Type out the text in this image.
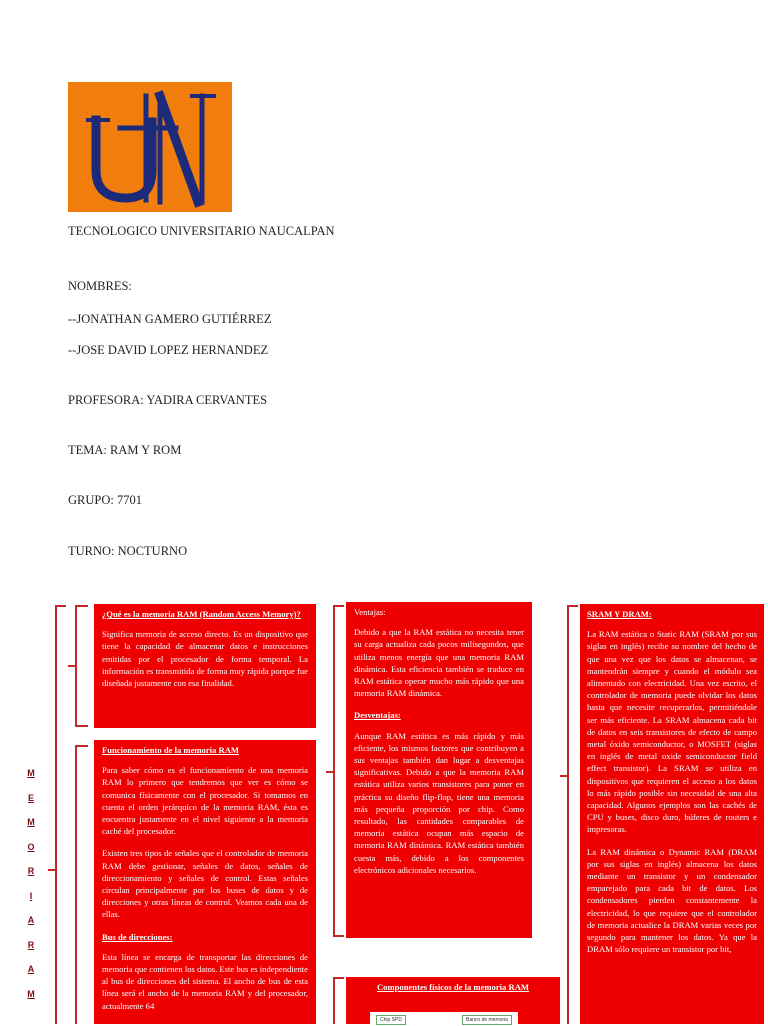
TECNOLOGICO UNIVERSITARIO NAUCALPAN
NOMBRES:
--JONATHAN GAMERO GUTIÉRREZ
--JOSE DAVID LOPEZ HERNANDEZ
PROFESORA: YADIRA CERVANTES
TEMA: RAM Y ROM
GRUPO: 7701
TURNO: NOCTURNO
M
E
M
O
R
I
A
R
A
M

¿Qué es la memoria RAM (Random Access Memory)?

Significa memoria de acceso directo. Es un dispositivo que tiene la capacidad de almacenar datos e instrucciones emitidas por el procesador de forma temporal. La información es transmitida de forma muy rápida porque fue diseñada justamente con esa finalidad.

Funcionamiento de la memoria RAM

Para saber cómo es el funcionamiento de una memoria RAM lo primero que tendremos que ver es cómo se comunica físicamente con el procesador. Si tomamos en cuenta el orden jerárquico de la memoria RAM, ésta es encuentra justamente en el nivel siguiente a la memoria caché del procesador.

Existen tres tipos de señales que el controlador de memoria RAM debe gestionar, señales de datos, señales de direccionamiento y señales de control. Estas señales circulan principalmente por los buses de datos y de direcciones y otras líneas de control. Veamos cada una de ellas.

Bus de direcciones:

Esta línea se encarga de transportar las direcciones de memoria que contienen los datos. Este bus es independiente al bus de direcciones del sistema. El ancho de bus de esta línea será el ancho de la memoria RAM y del procesador, actualmente 64

Ventajas:

Debido a que la RAM estática no necesita tener su carga actualiza cada pocos milisegundos, que utiliza menos energía que una memoria RAM dinámica. Esta eficiencia también se traduce en RAM estática operar mucho más rápido que una memoria RAM dinámica.

Desventajas:

Aunque RAM estática es más rápido y más eficiente, los mismos factores que contribuyen a sus ventajas también dan lugar a desventajas significativas. Debido a que la memoria RAM estática utiliza varios transistores para poner en práctica su diseño flip-flop, tiene una memoria más pequeña proporción por chip. Como resultado, las cantidades comparables de memoria estática ocupan más espacio de memoria RAM dinámica. RAM estática también cuesta más, debido a los componentes electrónicos adicionales necesarios.

Componentes físicos de la memoria RAM

Chip SPD	Banco de memoria

SRAM Y DRAM:

La RAM estática o Static RAM (SRAM por sus siglas en inglés) recibe su nombre del hecho de que una vez que los datos se almacenan, se mantendrán siempre y cuando el módulo sea alimentado con electricidad. Una vez escrito, el controlador de memoria puede olvidar los datos hasta que necesite recuperarlos, permitiéndole ser más eficiente. La SRAM almacena cada bit de datos en seis transistores de efecto de campo metal óxido semiconductor, o MOSFET (siglas en inglés de metal oxide semiconductor field effect transistor). La SRAM se utiliza en dispositivos que requieren el acceso a los datos lo más rápido posible sin necesidad de una alta capacidad. Algunos ejemplos son las cachés de CPU y buses, disco duro, búferes de routers e impresoras.

La RAM dinámica o Dynamic RAM (DRAM por sus siglas en inglés) almacena los datos mediante un transistor y un condensador emparejado para cada bit de datos. Los condensadores pierden constantemente la electricidad, lo que requiere que el controlador de memoria actualice la DRAM varias veces por segundo para mantener los datos. Ya que la DRAM sólo requiere un transistor por bit,
